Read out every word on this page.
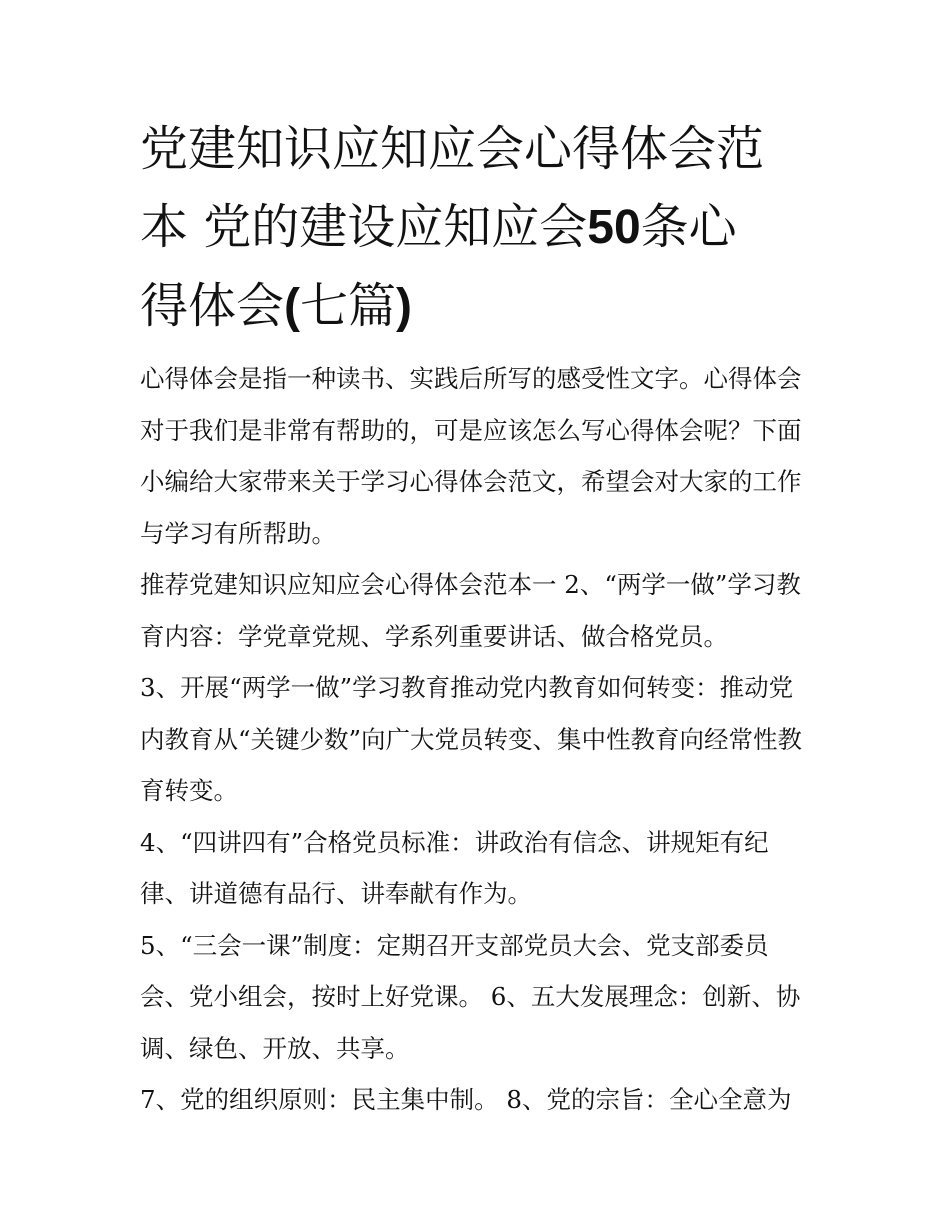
党建知识应知应会心得体会范
本 党的建设应知应会50条心
得体会(七篇)
心得体会是指一种读书、实践后所写的感受性文字。心得体会
对于我们是非常有帮助的，可是应该怎么写心得体会呢？下面
小编给大家带来关于学习心得体会范文，希望会对大家的工作
与学习有所帮助。
推荐党建知识应知应会心得体会范本一 2、“两学一做”学习教
育内容：学党章党规、学系列重要讲话、做合格党员。
3、开展“两学一做”学习教育推动党内教育如何转变：推动党
内教育从“关键少数”向广大党员转变、集中性教育向经常性教
育转变。
4、“四讲四有”合格党员标准：讲政治有信念、讲规矩有纪
律、讲道德有品行、讲奉献有作为。
5、“三会一课”制度：定期召开支部党员大会、党支部委员
会、党小组会，按时上好党课。 6、五大发展理念：创新、协
调、绿色、开放、共享。
7、党的组织原则：民主集中制。 8、党的宗旨：全心全意为
